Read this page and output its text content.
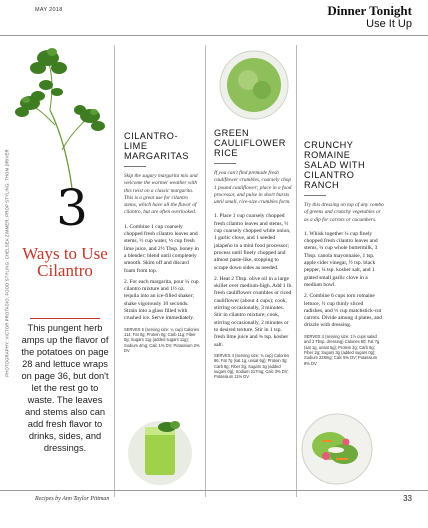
MAY 2018	Dinner Tonight
Use It Up
PHOTOGRAPHY: VICTOR PROTASIO; FOOD STYLING: CHELSEA ZIMMER; PROP STYLING: THOM DRIVER 3
Ways to Use Cilantro
This pungent herb amps up the flavor of the potatoes on page 28 and lettuce wraps on page 36, but don't let the rest go to waste. The leaves and stems also can add fresh flavor to drinks, sides, and dressings.
CILANTRO-LIME MARGARITAS
Skip the sugary margarita mix and welcome the warmer weather with this twist on a classic margarita. This is a great use for cilantro stems, which have all the flavor of cilantro, but are often overlooked.

1. Combine 1 cup coarsely chopped fresh cilantro leaves and stems, ½ cup water, ⅓ cup fresh lime juice, and 2½ Tbsp. honey in a blender; blend until completely smooth. Skim off and discard foam from top.

2. For each margarita, pour ¼ cup cilantro mixture and 1½ oz. tequila into an ice-filled shaker; shake vigorously 10 seconds. Strain into a glass filled with crushed ice. Serve immediately.

SERVES 6 (serving size: ¼ cup) Calories 114; Fat 0g; Protein 0g; Carb 11g; Fiber 0g; Sugars 11g (added sugars 11g); Sodium 4mg; Calc 1% DV; Potassium 2% DV
GREEN CAULIFLOWER RICE
If you can't find premade fresh cauliflower crumbles, coarsely chop 1 pound cauliflower; place in a food processor, and pulse in short bursts until small, rice-size crumbles form.

1. Place 1 cup coarsely chopped fresh cilantro leaves and stems, ½ cup coarsely chopped white onion, 1 garlic clove, and 1 seeded jalapeño in a mini food processor; process until finely chopped and almost paste-like, stopping to scrape down sides as needed.

2. Heat 2 Tbsp. olive oil in a large skillet over medium-high. Add 1 lb. fresh cauliflower crumbles or riced cauliflower (about 4 cups); cook, stirring occasionally, 3 minutes. Stir in cilantro mixture; cook, stirring occasionally, 2 minutes or to desired texture. Stir in 1 tsp. fresh lime juice and ¾ tsp. kosher salt.

SERVES 4 (serving size: ¾ cup) Calories 96; Fat 7g (sat 1g, unsat 6g); Protein 3g; Carb 8g; Fiber 3g; Sugars 3g (added sugars 0g); Sodium 217mg; Calc 3% DV; Potassium 11% DV
CRUNCHY ROMAINE SALAD WITH CILANTRO RANCH
Try this dressing on top of any combo of greens and crunchy vegetables or as a dip for carrots or cucumbers.

1. Whisk together ¼ cup finely chopped fresh cilantro leaves and stems, ¼ cup whole buttermilk, 3 Tbsp. canola mayonnaise, 1 tsp. apple cider vinegar, ½ tsp. black pepper, ¼ tsp. kosher salt, and 1 grated small garlic clove in a medium bowl.

2. Combine 6 cups torn romaine lettuce, ½ cup thinly sliced radishes, and ⅓ cup matchstick-cut carrots. Divide among 4 plates, and drizzle with dressing.

SERVES 4 (serving size: 1½ cups salad and 2 Tbsp. dressing) Calories 80; Fat 7g (sat 1g, unsat 5g); Protein 2g; Carb 5g; Fiber 2g; Sugars 3g (added sugars 0g); Sodium 228mg; Calc 5% DV; Potassium 8% DV
Recipes by Ann Taylor Pittman	33
